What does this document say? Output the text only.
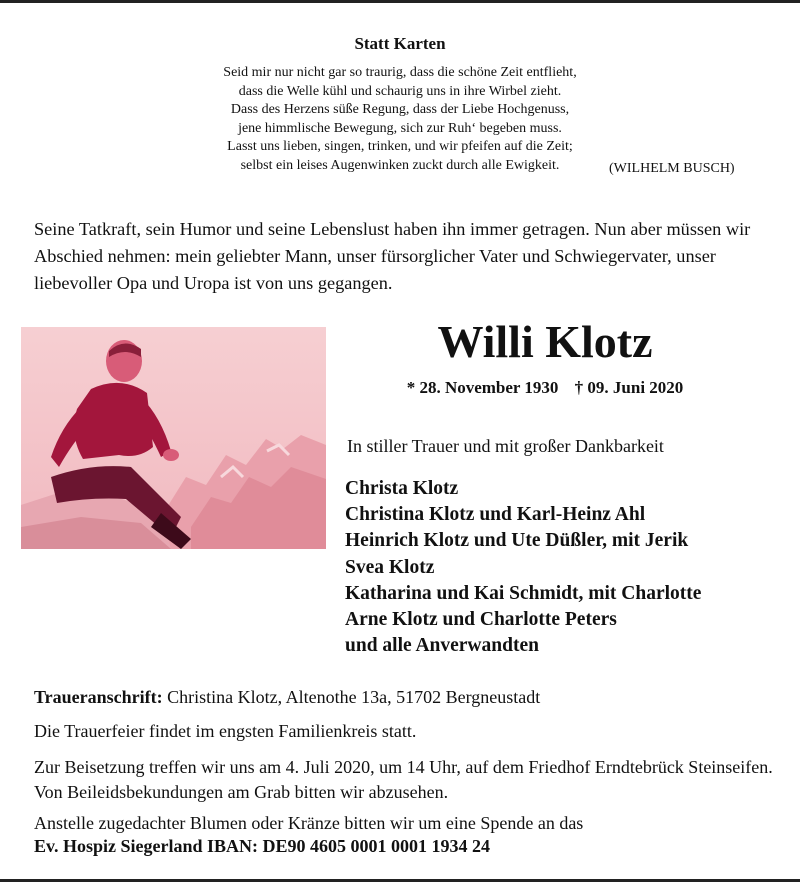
Statt Karten
Seid mir nur nicht gar so traurig, dass die schöne Zeit entflieht,
dass die Welle kühl und schaurig uns in ihre Wirbel zieht.
Dass des Herzens süße Regung, dass der Liebe Hochgenuss,
jene himmlische Bewegung, sich zur Ruh‘ begeben muss.
Lasst uns lieben, singen, trinken, und wir pfeifen auf die Zeit;
selbst ein leises Augenwinken zuckt durch alle Ewigkeit.	(WILHELM BUSCH)
Seine Tatkraft, sein Humor und seine Lebenslust haben ihn immer getragen. Nun aber müssen wir Abschied nehmen: mein geliebter Mann, unser fürsorglicher Vater und Schwiegervater, unser liebevoller Opa und Uropa ist von uns gegangen.
Willi Klotz
* 28. November 1930 † 09. Juni 2020
In stiller Trauer und mit großer Dankbarkeit
Christa Klotz
Christina Klotz und Karl-Heinz Ahl
Heinrich Klotz und Ute Düßler, mit Jerik
Svea Klotz
Katharina und Kai Schmidt, mit Charlotte
Arne Klotz und Charlotte Peters
und alle Anverwandten
Traueranschrift: Christina Klotz, Altenothe 13a, 51702 Bergneustadt
Die Trauerfeier findet im engsten Familienkreis statt.
Zur Beisetzung treffen wir uns am 4. Juli 2020, um 14 Uhr, auf dem Friedhof Erndtebrück Steinseifen. Von Beileidsbekundungen am Grab bitten wir abzusehen.
Anstelle zugedachter Blumen oder Kränze bitten wir um eine Spende an das
Ev. Hospiz Siegerland IBAN: DE90 4605 0001 0001 1934 24
